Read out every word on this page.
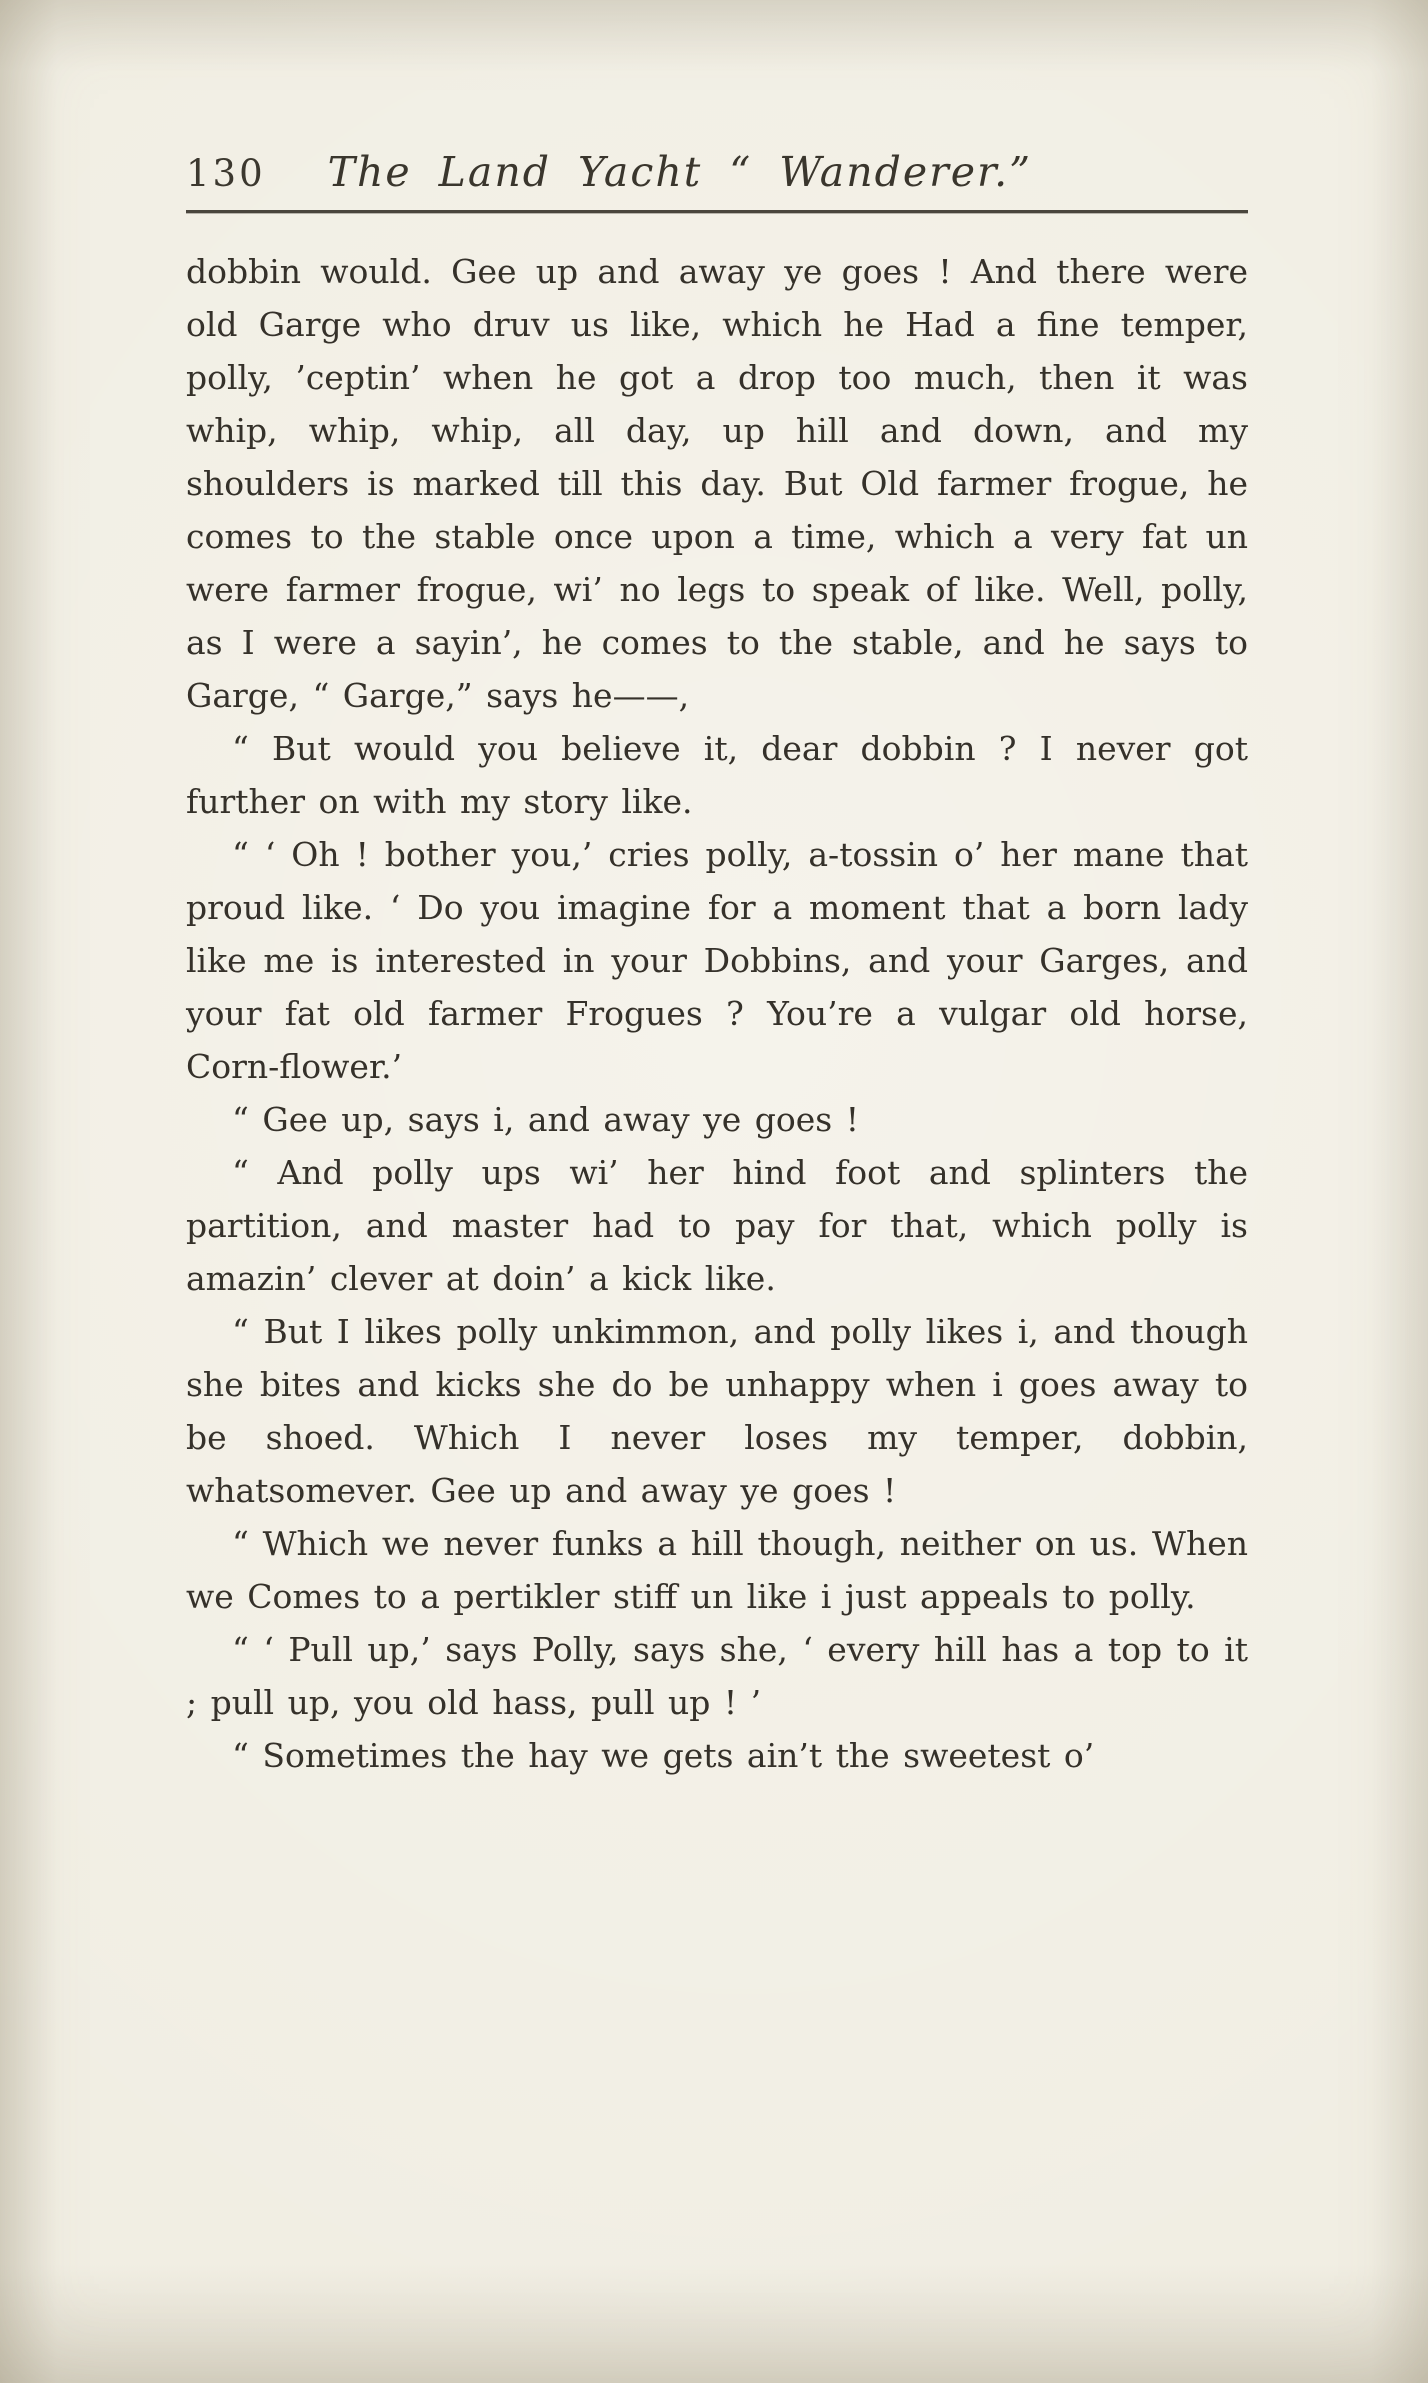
130 The Land Yacht “ Wanderer.”

dobbin would. Gee up and away ye goes ! And there were old Garge who druv us like, which he Had a fine temper, polly, ’ceptin’ when he got a drop too much, then it was whip, whip, whip, all day, up hill and down, and my shoulders is marked till this day. But Old farmer frogue, he comes to the stable once upon a time, which a very fat un were farmer frogue, wi’ no legs to speak of like. Well, polly, as I were a sayin’, he comes to the stable, and he says to Garge, “ Garge,” says he——,

“ But would you believe it, dear dobbin ? I never got further on with my story like.

“ ‘ Oh ! bother you,’ cries polly, a-tossin o’ her mane that proud like. ‘ Do you imagine for a moment that a born lady like me is interested in your Dobbins, and your Garges, and your fat old farmer Frogues ? You’re a vulgar old horse, Corn-flower.’

“ Gee up, says i, and away ye goes !

“ And polly ups wi’ her hind foot and splinters the partition, and master had to pay for that, which polly is amazin’ clever at doin’ a kick like.

“ But I likes polly unkimmon, and polly likes i, and though she bites and kicks she do be unhappy when i goes away to be shoed. Which I never loses my temper, dobbin, whatsomever. Gee up and away ye goes !

“ Which we never funks a hill though, neither on us. When we Comes to a pertikler stiff un like i just appeals to polly.

“ ‘ Pull up,’ says Polly, says she, ‘ every hill has a top to it ; pull up, you old hass, pull up ! ’

“ Sometimes the hay we gets ain’t the sweetest o’
